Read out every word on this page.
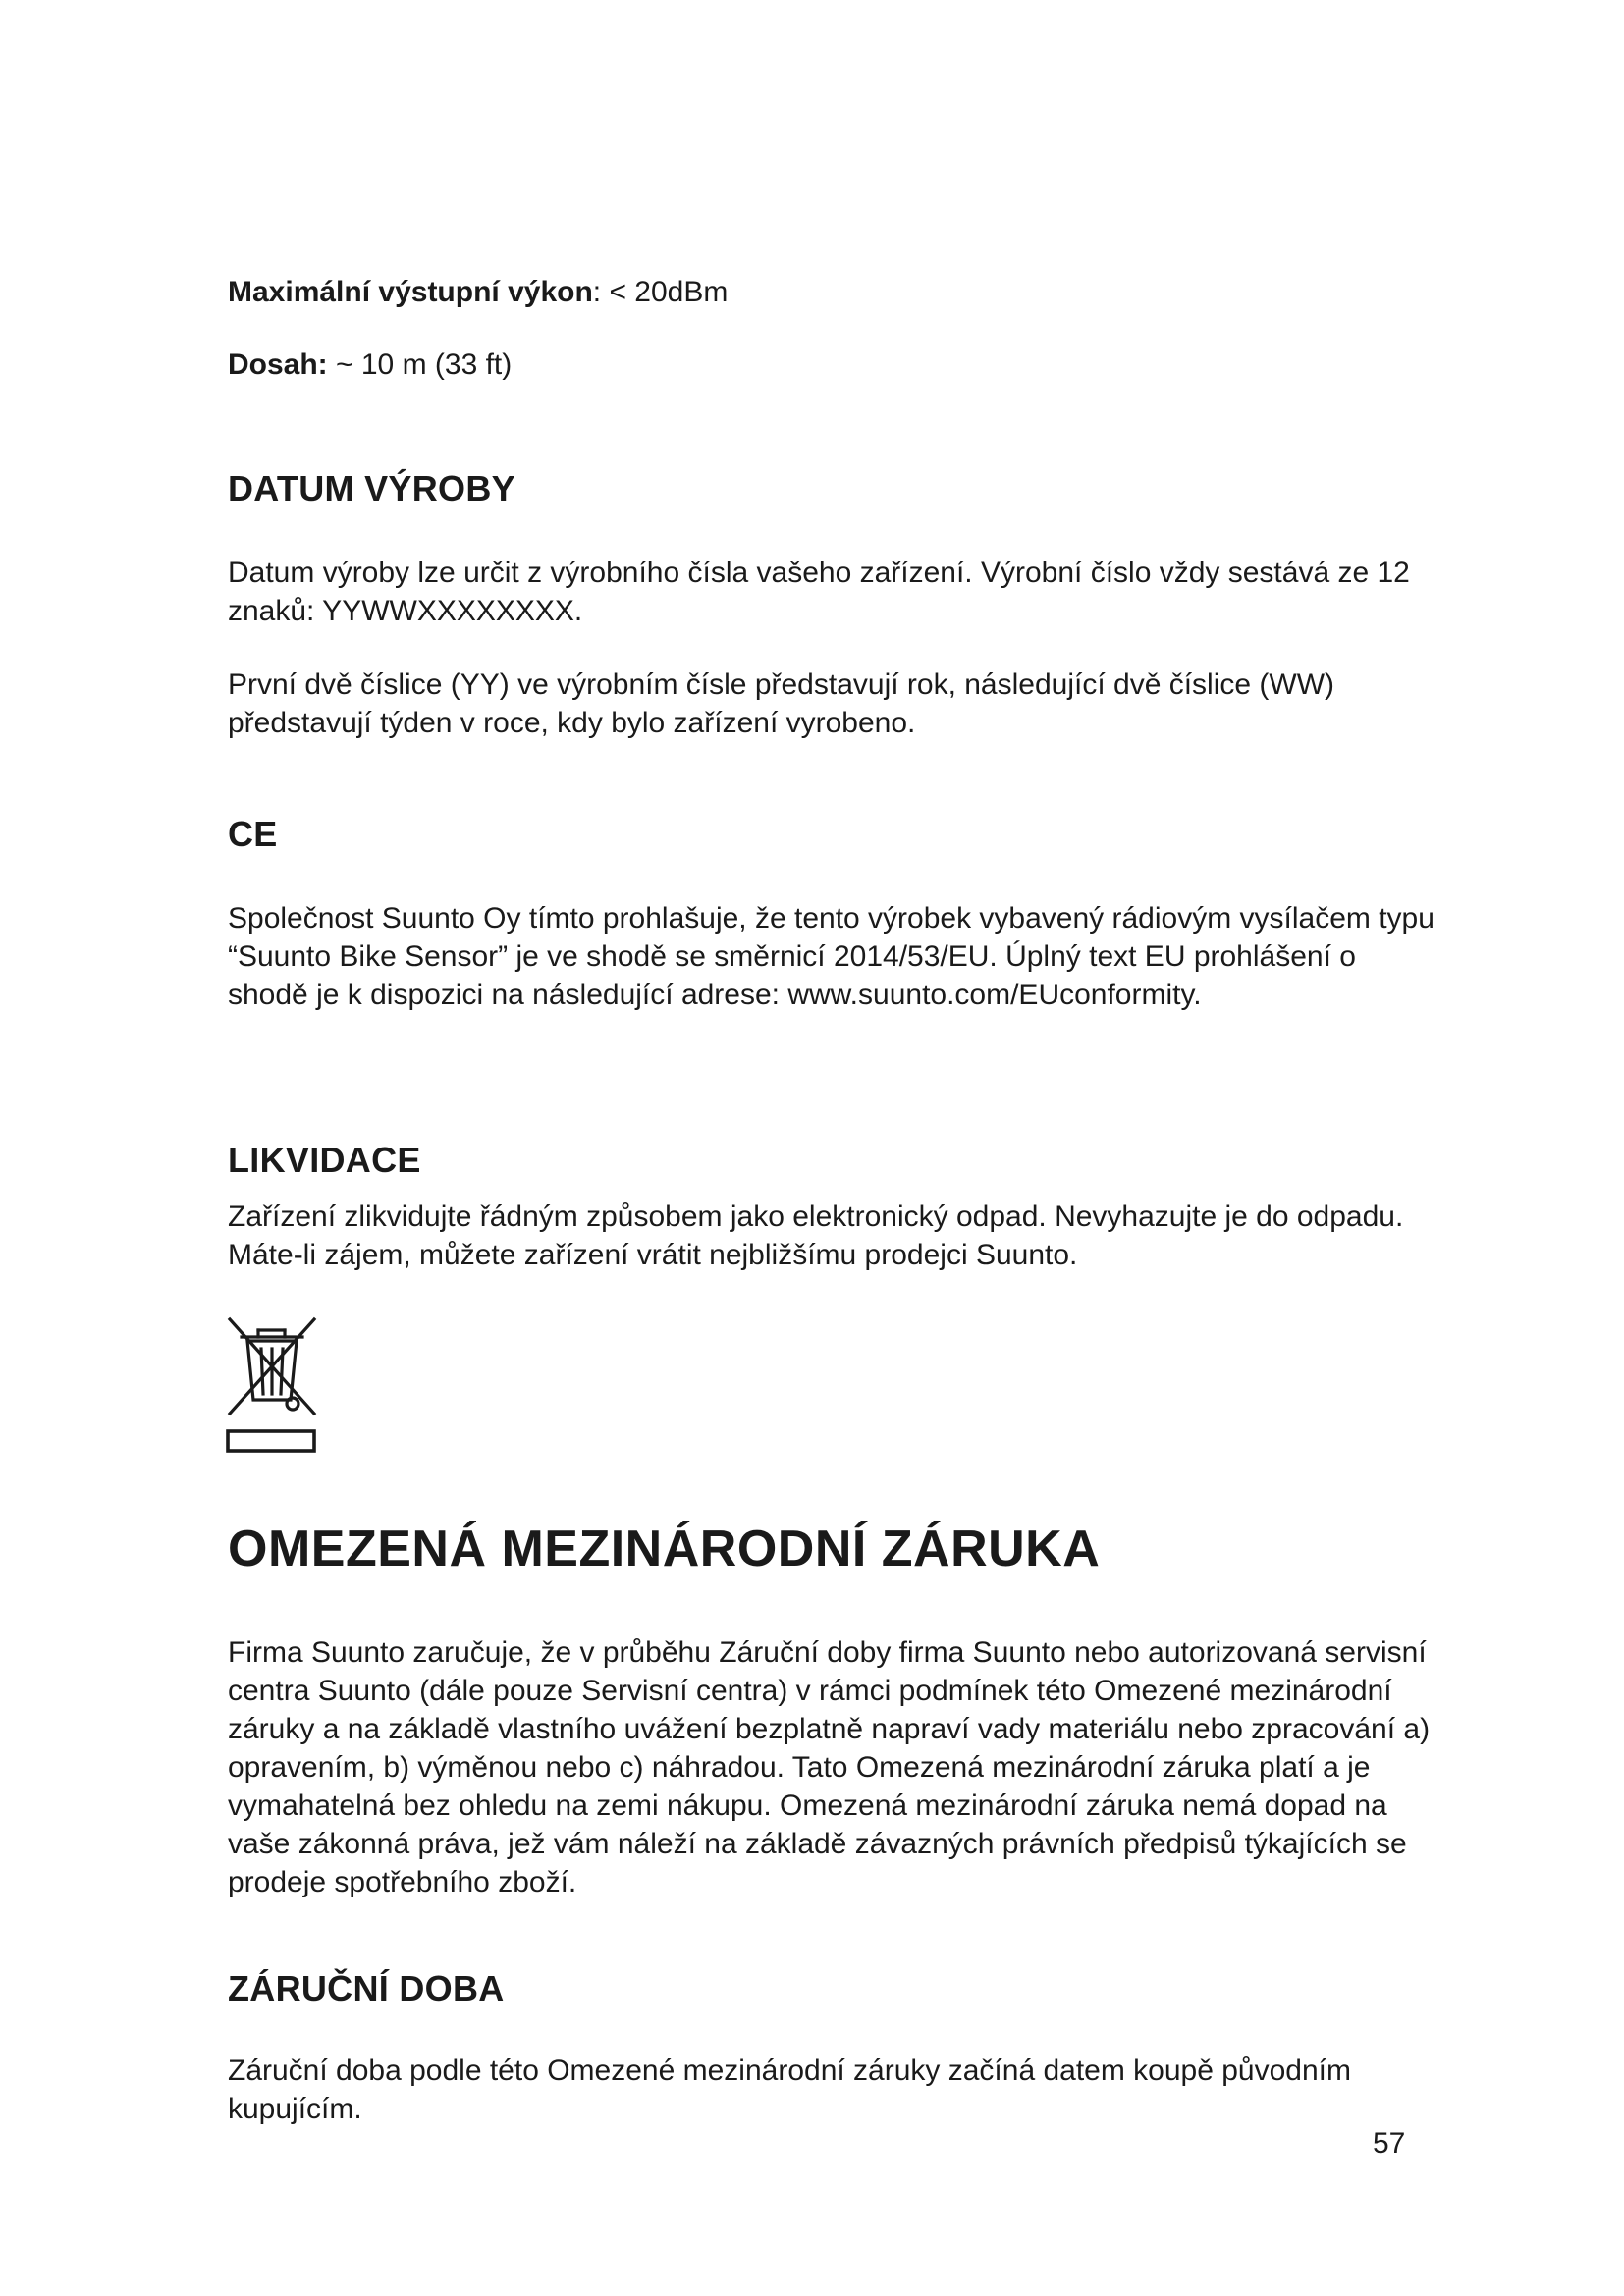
Maximální výstupní výkon: < 20dBm
Dosah: ~ 10 m (33 ft)
DATUM VÝROBY

Datum výroby lze určit z výrobního čísla vašeho zařízení. Výrobní číslo vždy sestává ze 12 znaků: YYWWXXXXXXXX.

První dvě číslice (YY) ve výrobním čísle představují rok, následující dvě číslice (WW) představují týden v roce, kdy bylo zařízení vyrobeno.

CE

Společnost Suunto Oy tímto prohlašuje, že tento výrobek vybavený rádiovým vysílačem typu “Suunto Bike Sensor” je ve shodě se směrnicí 2014/53/EU. Úplný text EU prohlášení o shodě je k dispozici na následující adrese: www.suunto.com/EUconformity.

LIKVIDACE

Zařízení zlikvidujte řádným způsobem jako elektronický odpad. Nevyhazujte je do odpadu. Máte-li zájem, můžete zařízení vrátit nejbližšímu prodejci Suunto.

OMEZENÁ MEZINÁRODNÍ ZÁRUKA

Firma Suunto zaručuje, že v průběhu Záruční doby firma Suunto nebo autorizovaná servisní centra Suunto (dále pouze Servisní centra) v rámci podmínek této Omezené mezinárodní záruky a na základě vlastního uvážení bezplatně napraví vady materiálu nebo zpracování a) opravením, b) výměnou nebo c) náhradou. Tato Omezená mezinárodní záruka platí a je vymahatelná bez ohledu na zemi nákupu. Omezená mezinárodní záruka nemá dopad na vaše zákonná práva, jež vám náleží na základě závazných právních předpisů týkajících se prodeje spotřebního zboží.

ZÁRUČNÍ DOBA

Záruční doba podle této Omezené mezinárodní záruky začíná datem koupě původním kupujícím.

57
